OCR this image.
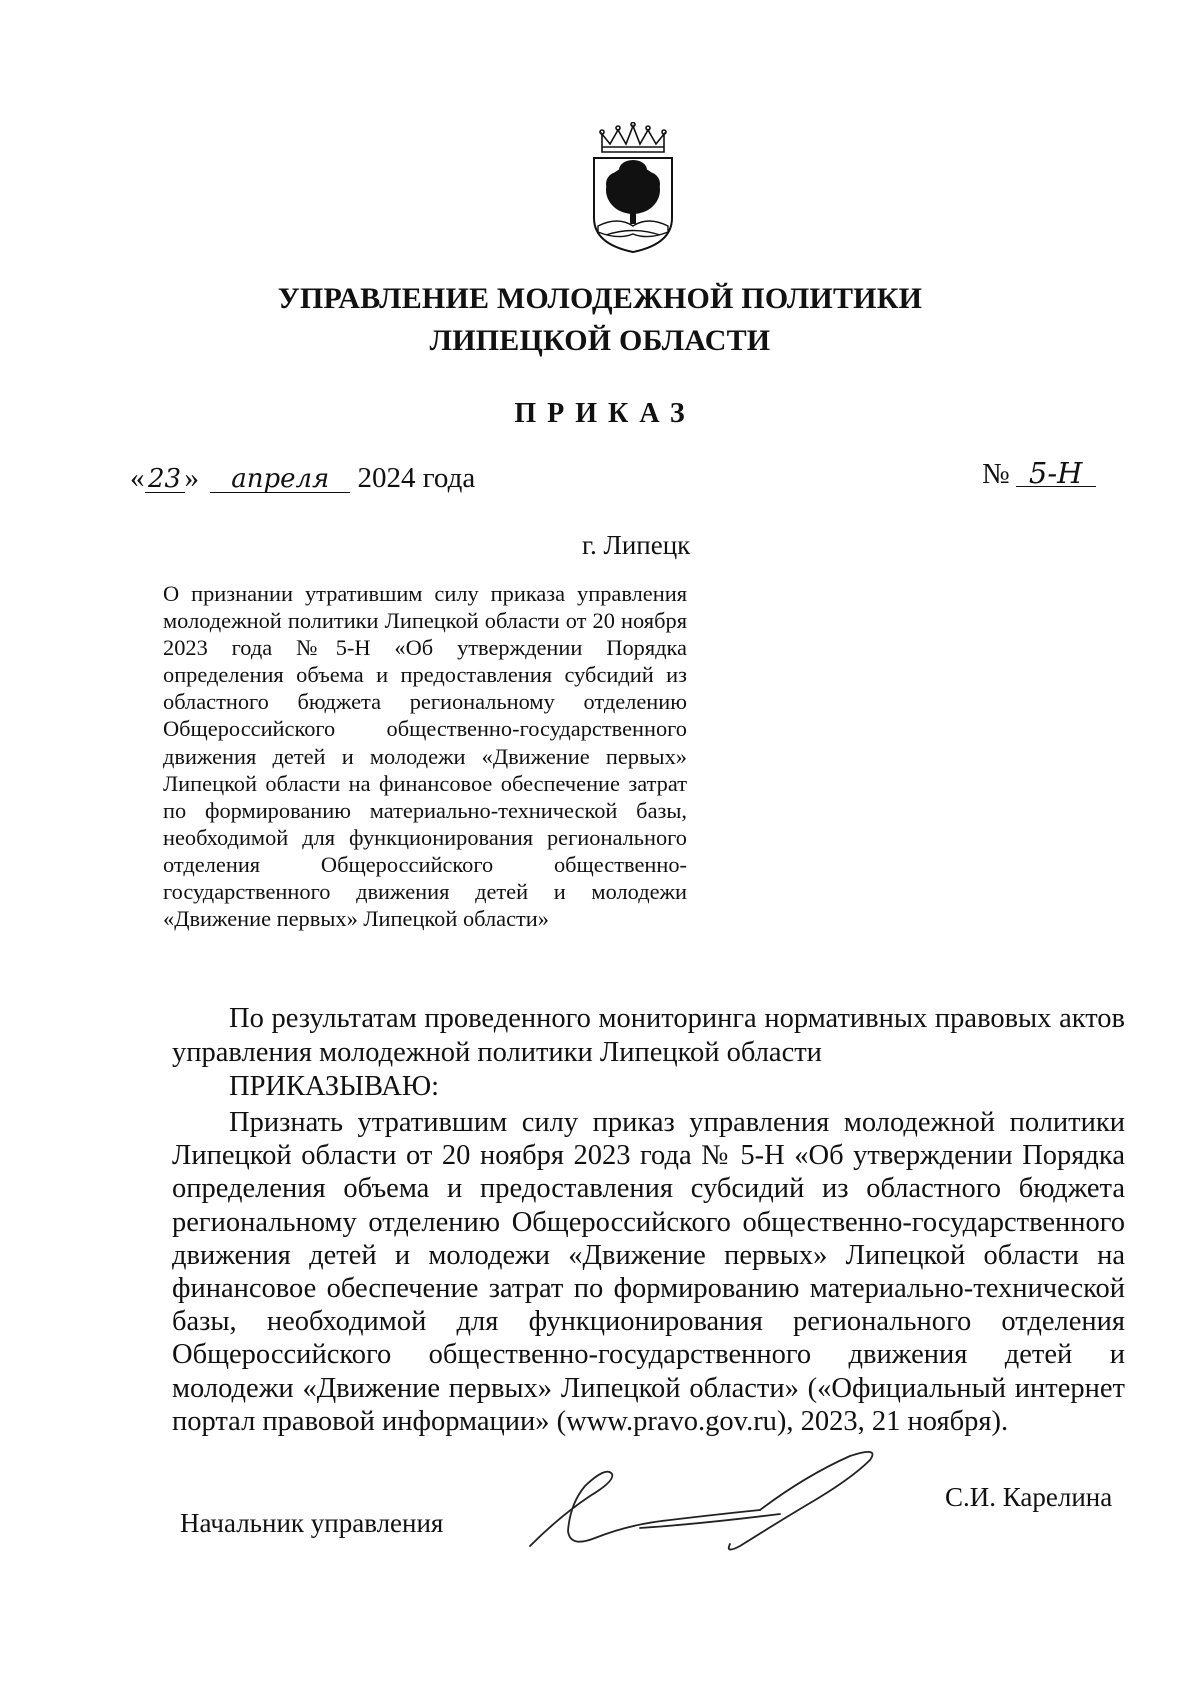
УПРАВЛЕНИЕ МОЛОДЕЖНОЙ ПОЛИТИКИ
ЛИПЕЦКОЙ ОБЛАСТИ
ПРИКАЗ
« 23 » апреля 2024 года	№ 5-Н
г. Липецк
О признании утратившим силу приказа управления молодежной политики Липецкой области от 20 ноября 2023 года №5-Н «Об утверждении Порядка определения объема и предоставления субсидий из областного бюджета региональному отделению Общероссийского общественно-государственного движения детей и молодежи «Движение первых» Липецкой области на финансовое обеспечение затрат по формированию материально-технической базы, необходимой для функционирования регионального отделения Общероссийского общественно-государственного движения детей и молодежи «Движение первых» Липецкой области»
По результатам проведенного мониторинга нормативных правовых актов управления молодежной политики Липецкой области
ПРИКАЗЫВАЮ:
Признать утратившим силу приказ управления молодежной политики Липецкой области от 20 ноября 2023 года № 5-Н «Об утверждении Порядка определения объема и предоставления субсидий из областного бюджета региональному отделению Общероссийского общественно-государственного движения детей и молодежи «Движение первых» Липецкой области на финансовое обеспечение затрат по формированию материально-технической базы, необходимой для функционирования регионального отделения Общероссийского общественно-государственного движения детей и молодежи «Движение первых» Липецкой области» («Официальный интернет портал правовой информации» (www.pravo.gov.ru), 2023, 21 ноября).
Начальник управления
С.И. Карелина
